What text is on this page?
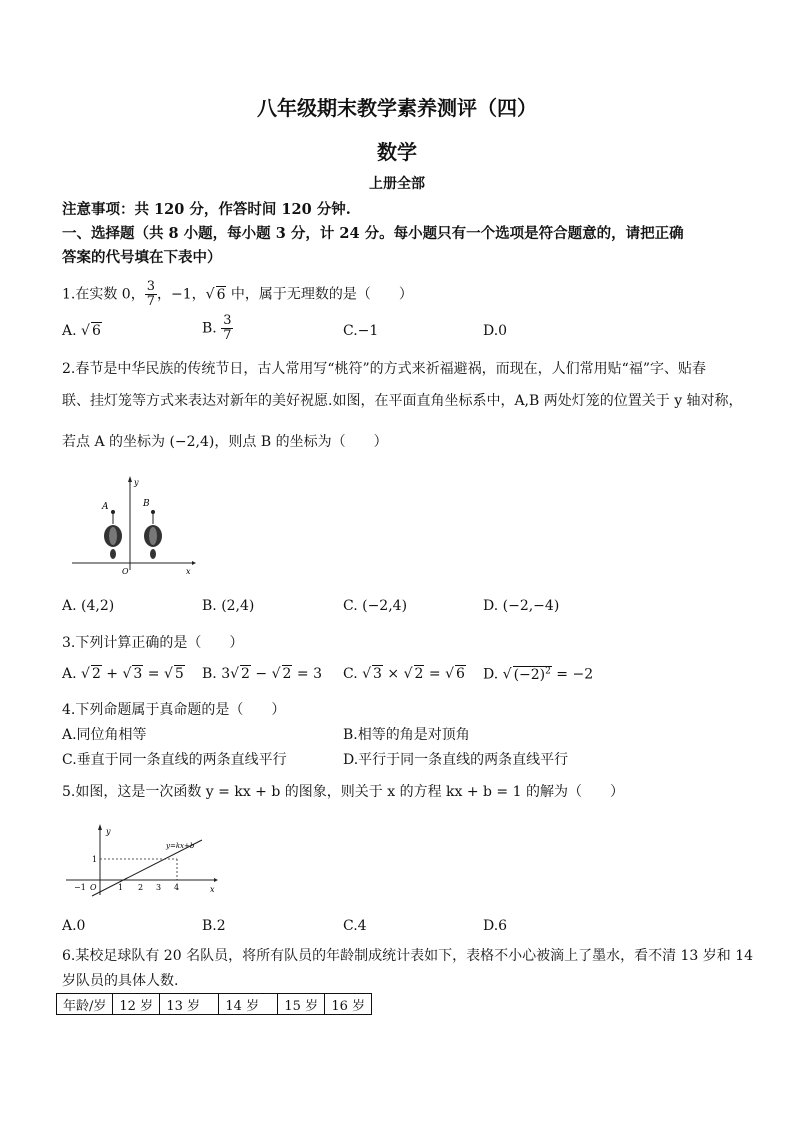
八年级期末教学素养测评（四）
数学
上册全部
注意事项：共 120 分，作答时间 120 分钟.
一、选择题（共 8 小题，每小题 3 分，计 24 分。每小题只有一个选项是符合题意的，请把正确
答案的代号填在下表中）
1.在实数 0， $\frac{3}{7}$ ，−1，√ 6 中，属于无理数的是（　　）
A. √ 6	B. $\frac{3}{7}$	C.−1	D.0
2.春节是中华民族的传统节日，古人常用写“桃符”的方式来祈福避祸，而现在，人们常用贴“福”字、贴春
联、挂灯笼等方式来表达对新年的美好祝愿.如图，在平面直角坐标系中，A,B 两处灯笼的位置关于 y 轴对称，
若点 A 的坐标为 (−2,4)，则点 B 的坐标为（　　）
y
x
O
A	B
A. (4,2)	B. (2,4)	C. (−2,4)	D. (−2,−4)
3.下列计算正确的是（　　）
A. √ 2 + √ 3 = √ 5 B. 3√ 2 − √ 2 = 3 C. √ 3 × √ 2 = √ 6 D. √ $(-2)^2 = -2$
4.下列命题属于真命题的是（　　）
A.同位角相等	B.相等的角是对顶角
C.垂直于同一条直线的两条直线平行	D.平行于同一条直线的两条直线平行
5.如图，这是一次函数 y = kx + b 的图象，则关于 x 的方程 kx + b = 1 的解为（　　）
y
x
O
y=kx+b
−1	1 2 3 4
1
A.0	B.2	C.4	D.6
6.某校足球队有 20 名队员，将所有队员的年龄制成统计表如下，表格不小心被滴上了墨水，看不清 13 岁和 14
岁队员的具体人数.
年龄/岁	12 岁	13 岁	14 岁	15 岁	16 岁
